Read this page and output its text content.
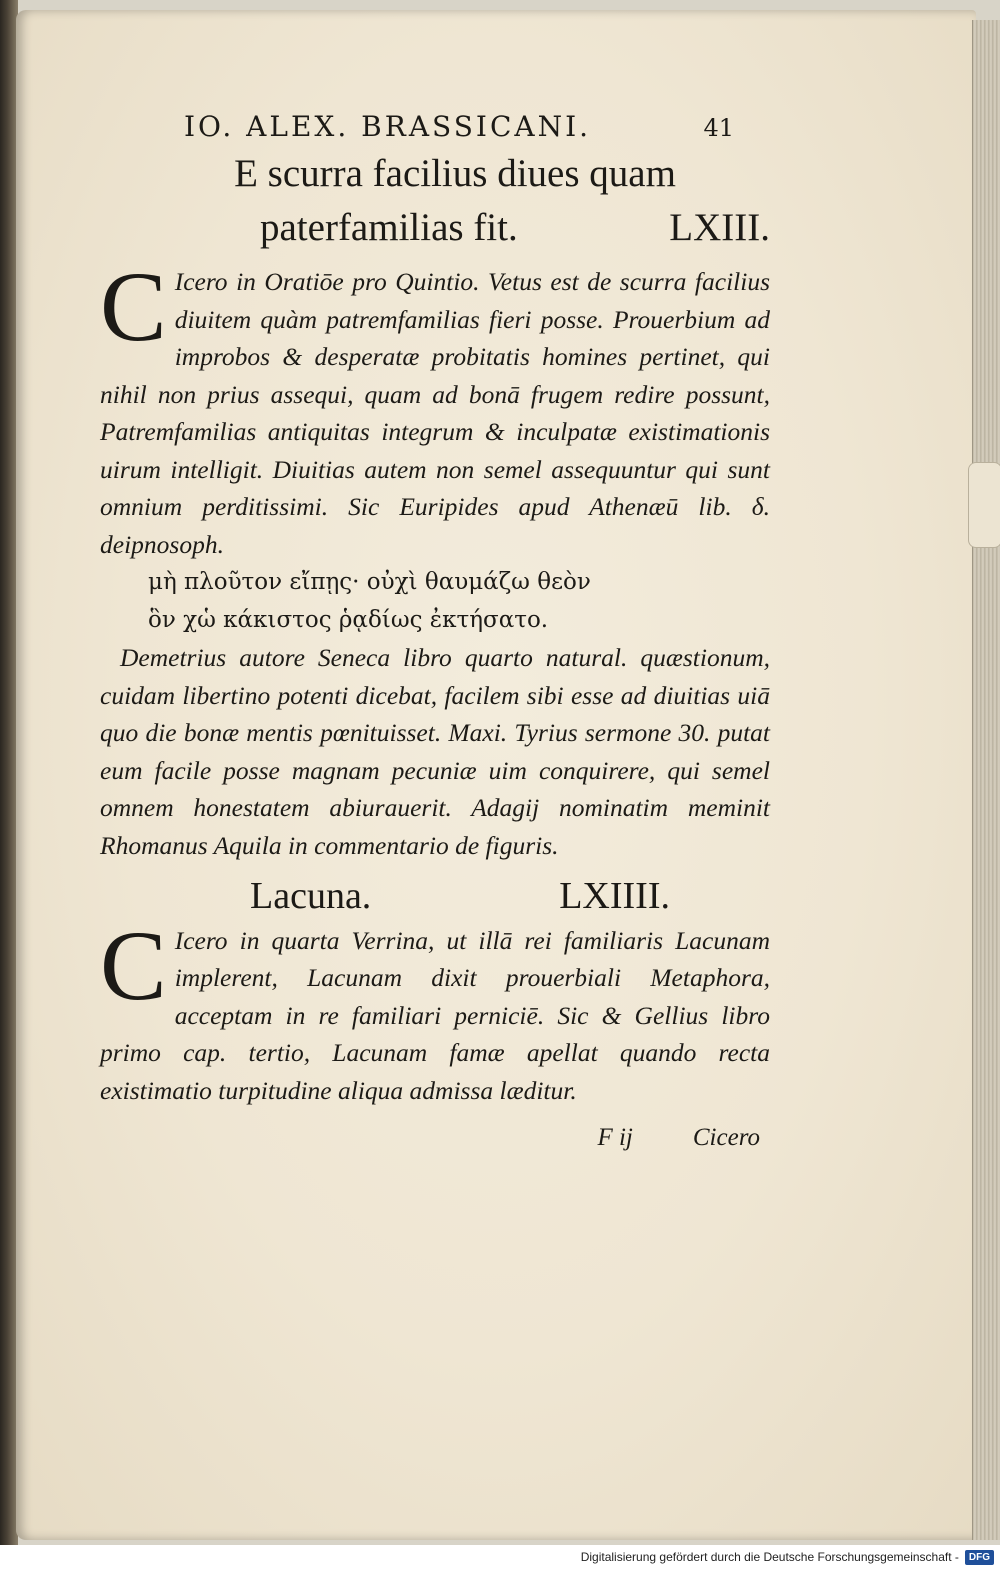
IO. ALEX. BRASSICANI.	41
E scurra facilius diues quam
paterfamilias fit.	LXIII.
C Icero in Oratiōe pro Quintio. Vetus est de scurra facilius diuitem quàm patremfamilias fieri posse. Prouerbium ad improbos & desperatæ probitatis homines pertinet, qui nihil non prius assequi, quam ad bonā frugem redire possunt, Patremfamilias antiquitas integrum & inculpatæ existimationis uirum intelligit. Diuitias autem non semel assequuntur qui sunt omnium perditissimi. Sic Euripides apud Athenæū lib. δ. deipnosoph.
μὴ πλοῦτον εἴπῃς· οὐχὶ θαυμάζω θεὸν
ὃν χὡ κάκιστος ῥᾳδίως ἐκτήσατο.
Demetrius autore Seneca libro quarto natural. quæstionum, cuidam libertino potenti dicebat, facilem sibi esse ad diuitias uiā quo die bonæ mentis pœnituisset. Maxi. Tyrius sermone 30. putat eum facile posse magnam pecuniæ uim conquirere, qui semel omnem honestatem abiurauerit. Adagij nominatim meminit Rhomanus Aquila in commentario de figuris.
Lacuna.	LXIIII.
C Icero in quarta Verrina, ut illā rei familiaris Lacunam implerent, Lacunam dixit prouerbiali Metaphora, acceptam in re familiari perniciē. Sic & Gellius libro primo cap. tertio, Lacunam famæ apellat quando recta existimatio turpitudine aliqua admissa læditur.
F ij Cicero
Digitalisierung gefördert durch die Deutsche Forschungsgemeinschaft -	DFG
